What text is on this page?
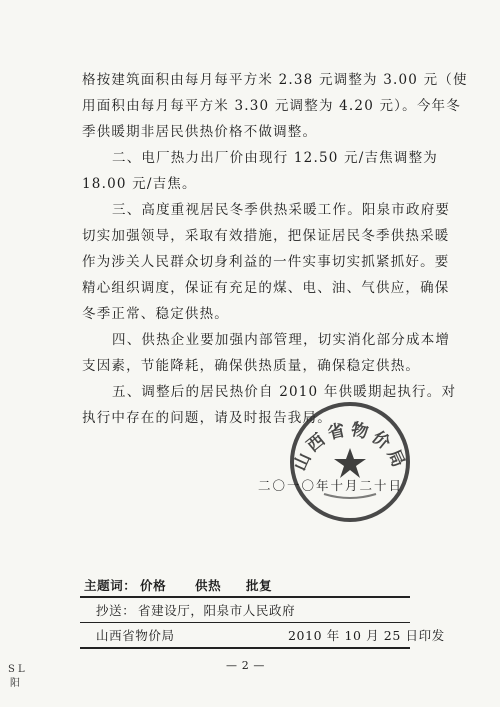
格按建筑面积由每月每平方米 2.38 元调整为 3.00 元（使
用面积由每月每平方米 3.30 元调整为 4.20 元）。今年冬
季供暖期非居民供热价格不做调整。
二、电厂热力出厂价由现行 12.50 元/吉焦调整为
18.00 元/吉焦。
三、高度重视居民冬季供热采暖工作。阳泉市政府要
切实加强领导，采取有效措施，把保证居民冬季供热采暖
作为涉关人民群众切身利益的一件实事切实抓紧抓好。要
精心组织调度，保证有充足的煤、电、油、气供应，确保
冬季正常、稳定供热。
四、供热企业要加强内部管理，切实消化部分成本增
支因素，节能降耗，确保供热质量，确保稳定供热。
五、调整后的居民热价自 2010 年供暖期起执行。对
执行中存在的问题，请及时报告我局。
山西省物价局
二〇一〇年十月二十日
主题词： 价格 供热 批复
抄送： 省建设厅，阳泉市人民政府
山西省物价局	2010 年 10 月 25 日印发
— 2 —
S L
阳
